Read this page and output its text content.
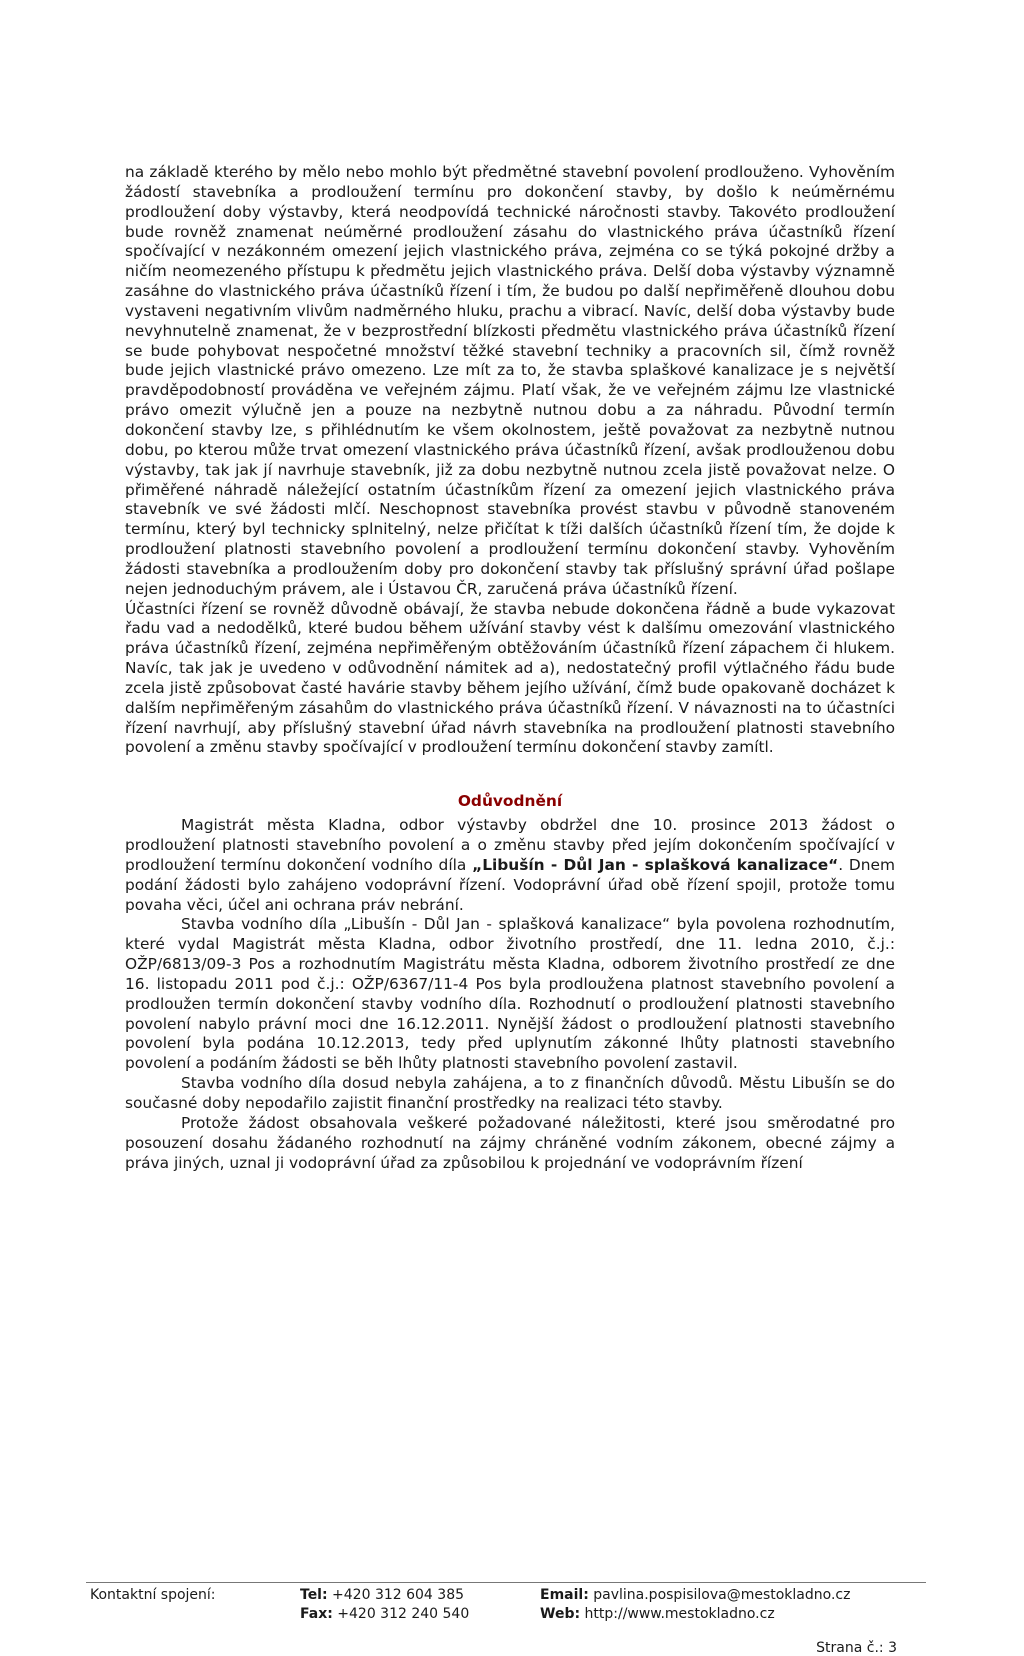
na základě kterého by mělo nebo mohlo být předmětné stavební povolení prodlouženo. Vyhověním žádostí stavebníka a prodloužení termínu pro dokončení stavby, by došlo k neúměrnému prodloužení doby výstavby, která neodpovídá technické náročnosti stavby. Takovéto prodloužení bude rovněž znamenat neúměrné prodloužení zásahu do vlastnického práva účastníků řízení spočívající v nezákonném omezení jejich vlastnického práva, zejména co se týká pokojné držby a ničím neomezeného přístupu k předmětu jejich vlastnického práva. Delší doba výstavby významně zasáhne do vlastnického práva účastníků řízení i tím, že budou po další nepřiměřeně dlouhou dobu vystaveni negativním vlivům nadměrného hluku, prachu a vibrací. Navíc, delší doba výstavby bude nevyhnutelně znamenat, že v bezprostřední blízkosti předmětu vlastnického práva účastníků řízení se bude pohybovat nespočetné množství těžké stavební techniky a pracovních sil, čímž rovněž bude jejich vlastnické právo omezeno. Lze mít za to, že stavba splaškové kanalizace je s největší pravděpodobností prováděna ve veřejném zájmu. Platí však, že ve veřejném zájmu lze vlastnické právo omezit výlučně jen a pouze na nezbytně nutnou dobu a za náhradu. Původní termín dokončení stavby lze, s přihlédnutím ke všem okolnostem, ještě považovat za nezbytně nutnou dobu, po kterou může trvat omezení vlastnického práva účastníků řízení, avšak prodlouženou dobu výstavby, tak jak jí navrhuje stavebník, již za dobu nezbytně nutnou zcela jistě považovat nelze. O přiměřené náhradě náležející ostatním účastníkům řízení za omezení jejich vlastnického práva stavebník ve své žádosti mlčí. Neschopnost stavebníka provést stavbu v původně stanoveném termínu, který byl technicky splnitelný, nelze přičítat k tíži dalších účastníků řízení tím, že dojde k prodloužení platnosti stavebního povolení a prodloužení termínu dokončení stavby. Vyhověním žádosti stavebníka a prodloužením doby pro dokončení stavby tak příslušný správní úřad pošlape nejen jednoduchým právem, ale i Ústavou ČR, zaručená práva účastníků řízení.

Účastníci řízení se rovněž důvodně obávají, že stavba nebude dokončena řádně a bude vykazovat řadu vad a nedodělků, které budou během užívání stavby vést k dalšímu omezování vlastnického práva účastníků řízení, zejména nepřiměřeným obtěžováním účastníků řízení zápachem či hlukem. Navíc, tak jak je uvedeno v odůvodnění námitek ad a), nedostatečný profil výtlačného řádu bude zcela jistě způsobovat časté havárie stavby během jejího užívání, čímž bude opakovaně docházet k dalším nepřiměřeným zásahům do vlastnického práva účastníků řízení. V návaznosti na to účastníci řízení navrhují, aby příslušný stavební úřad návrh stavebníka na prodloužení platnosti stavebního povolení a změnu stavby spočívající v prodloužení termínu dokončení stavby zamítl.

Odůvodnění

Magistrát města Kladna, odbor výstavby obdržel dne 10. prosince 2013 žádost o prodloužení platnosti stavebního povolení a o změnu stavby před jejím dokončením spočívající v prodloužení termínu dokončení vodního díla „Libušín - Důl Jan - splašková kanalizace“. Dnem podání žádosti bylo zahájeno vodoprávní řízení. Vodoprávní úřad obě řízení spojil, protože tomu povaha věci, účel ani ochrana práv nebrání.

Stavba vodního díla „Libušín - Důl Jan - splašková kanalizace“ byla povolena rozhodnutím, které vydal Magistrát města Kladna, odbor životního prostředí, dne 11. ledna 2010, č.j.: OŽP/6813/09-3 Pos a rozhodnutím Magistrátu města Kladna, odborem životního prostředí ze dne 16. listopadu 2011 pod č.j.: OŽP/6367/11-4 Pos byla prodloužena platnost stavebního povolení a prodloužen termín dokončení stavby vodního díla. Rozhodnutí o prodloužení platnosti stavebního povolení nabylo právní moci dne 16.12.2011. Nynější žádost o prodloužení platnosti stavebního povolení byla podána 10.12.2013, tedy před uplynutím zákonné lhůty platnosti stavebního povolení a podáním žádosti se běh lhůty platnosti stavebního povolení zastavil.

Stavba vodního díla dosud nebyla zahájena, a to z finančních důvodů. Městu Libušín se do současné doby nepodařilo zajistit finanční prostředky na realizaci této stavby.

Protože žádost obsahovala veškeré požadované náležitosti, které jsou směrodatné pro posouzení dosahu žádaného rozhodnutí na zájmy chráněné vodním zákonem, obecné zájmy a práva jiných, uznal ji vodoprávní úřad za způsobilou k projednání ve vodoprávním řízení

Kontaktní spojení:	Tel: +420 312 604 385
Fax: +420 312 240 540
Email: pavlina.pospisilova@mestokladno.cz
Web: http://www.mestokladno.cz
Strana č.: 3
